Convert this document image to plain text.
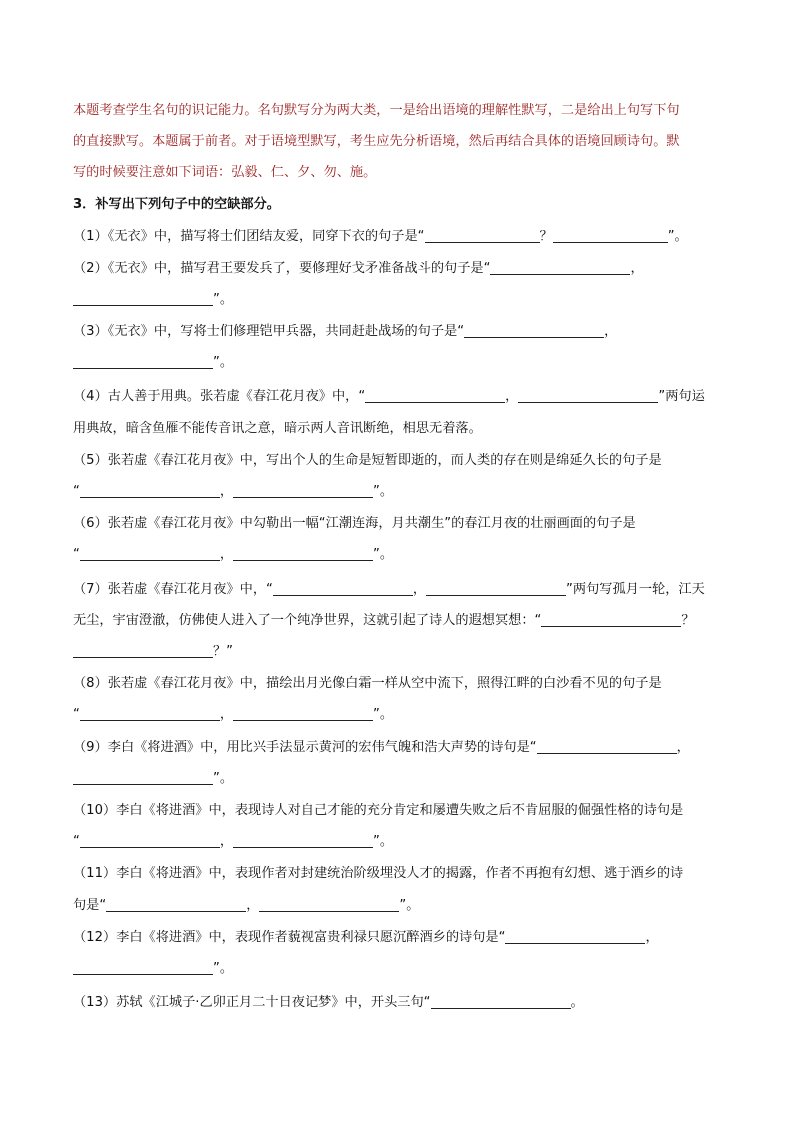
本题考查学生名句的识记能力。名句默写分为两大类，一是给出语境的理解性默写，二是给出上句写下句
的直接默写。本题属于前者。对于语境型默写，考生应先分析语境，然后再结合具体的语境回顾诗句。默
写的时候要注意如下词语：弘毅、仁、夕、勿、施。
3．补写出下列句子中的空缺部分。
（1）《无衣》中，描写将士们团结友爱，同穿下衣的句子是“	？	”。
（2）《无衣》中，描写君王要发兵了，要修理好戈矛准备战斗的句子是“	，
”。
（3）《无衣》中，写将士们修理铠甲兵器，共同赶赴战场的句子是“	，
”。
（4）古人善于用典。张若虚《春江花月夜》中，“	，	”两句运
用典故，暗含鱼雁不能传音讯之意，暗示两人音讯断绝，相思无着落。
（5）张若虚《春江花月夜》中，写出个人的生命是短暂即逝的，而人类的存在则是绵延久长的句子是
“	，	”。
（6）张若虚《春江花月夜》中勾勒出一幅“江潮连海，月共潮生”的春江月夜的壮丽画面的句子是
“	，	”。
（7）张若虚《春江花月夜》中，“	，	”两句写孤月一轮，江天
无尘，宇宙澄澈，仿佛使人进入了一个纯净世界，这就引起了诗人的遐想冥想：“	？
？”
（8）张若虚《春江花月夜》中，描绘出月光像白霜一样从空中流下，照得江畔的白沙看不见的句子是
“	，	”。
（9）李白《将进酒》中，用比兴手法显示黄河的宏伟气魄和浩大声势的诗句是“	，
”。
（10）李白《将进酒》中，表现诗人对自己才能的充分肯定和屡遭失败之后不肯屈服的倔强性格的诗句是
“	，	”。
（11）李白《将进酒》中，表现作者对封建统治阶级埋没人才的揭露，作者不再抱有幻想、逃于酒乡的诗
句是“	，	”。
（12）李白《将进酒》中，表现作者藐视富贵利禄只愿沉醉酒乡的诗句是“	，
”。
（13）苏轼《江城子·乙卯正月二十日夜记梦》中，开头三句“	。
